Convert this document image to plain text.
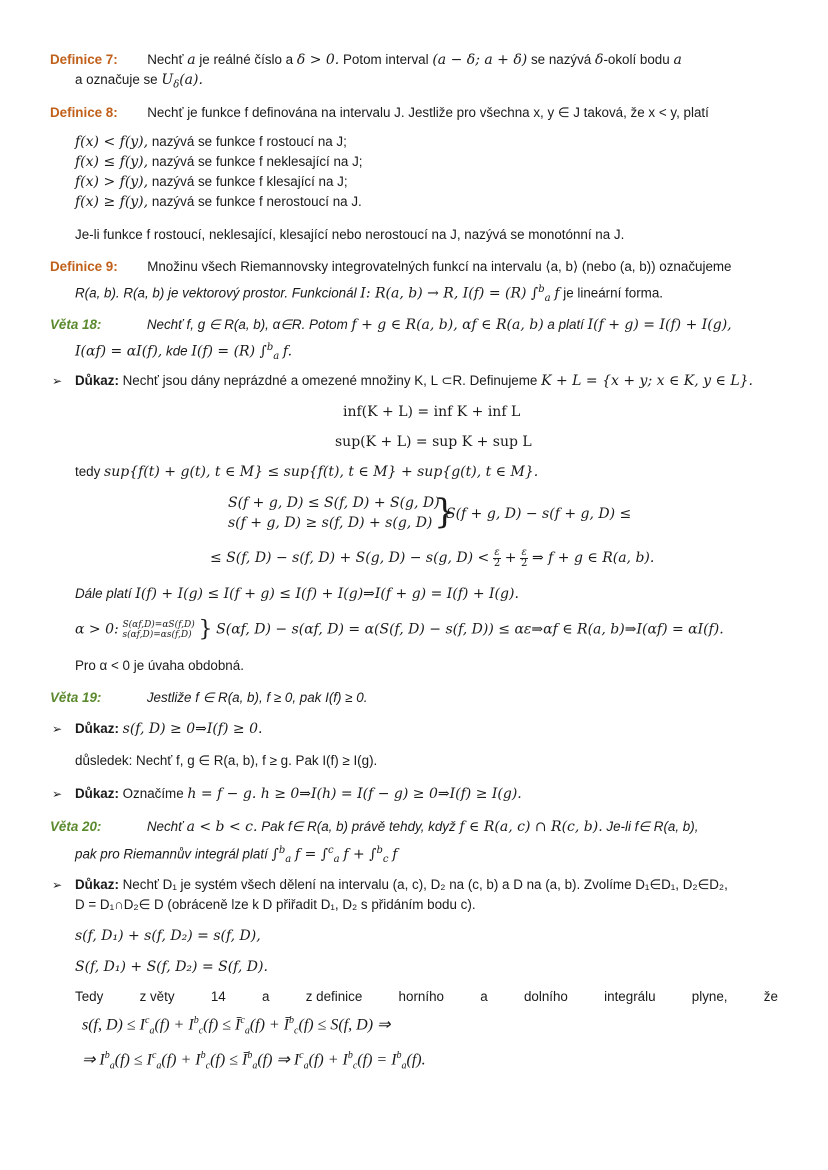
Definice 7: Nechť a je reálné číslo a δ > 0. Potom interval (a − δ; a + δ) se nazývá δ-okolí bodu a
a označuje se $U_\delta(a)$.
Definice 8: Nechť je funkce f definována na intervalu J. Jestliže pro všechna x, y ∈ J taková, že x < y, platí
f(x) < f(y), nazývá se funkce f rostoucí na J;
f(x) ≤ f(y), nazývá se funkce f neklesající na J;
f(x) > f(y), nazývá se funkce f klesající na J;
f(x) ≥ f(y), nazývá se funkce f nerostoucí na J.
Je-li funkce f rostoucí, neklesající, klesající nebo nerostoucí na J, nazývá se monotónní na J.
Definice 9: Množinu všech Riemannovsky integrovatelných funkcí na intervalu ⟨a, b⟩ (nebo (a, b)) označujeme
R(a, b). R(a, b) je vektorový prostor. Funkcionál I: R(a, b) → R, I(f) = (R) ∫$^b_a$ f je lineární forma.
Věta 18:	Nechť f, g ∈ R(a, b), α∈R. Potom f + g ∈ R(a, b), αf ∈ R(a, b) a platí I(f + g) = I(f) + I(g),
I(αf) = αI(f), kde I(f) = (R) ∫$^b_a$ f.
➢ Důkaz: Nechť jsou dány neprázdné a omezené množiny K, L ⊂R. Definujeme K + L = {x + y; x ∈ K, y ∈ L}.
inf(K + L) = inf K + inf L
sup(K + L) = sup K + sup L
tedy sup{f(t) + g(t), t ∈ M} ≤ sup{f(t), t ∈ M} + sup{g(t), t ∈ M}.
S(f + g, D) ≤ S(f, D) + S(g, D)
s(f + g, D) ≥ s(f, D) + s(g, D) }
S(f + g, D) − s(f + g, D) ≤
≤ S(f, D) − s(f, D) + S(g, D) − s(g, $D) < \frac{\varepsilon}{2} + \frac{\varepsilon}{2}$ ⇒ f + g ∈ R(a, b).
Dále platí I(f) + I(g) ≤ I(f + g) ≤ I(f) + I(g)⇒I(f + g) = I(f) + I(g).
α > 0: S(αf,D)=αS(f,D)
s(αf,D)=αs(f,D) } S(αf, D) − s(αf, D) = α(S(f, D) − s(f, D)) ≤ αε⇒αf ∈ R(a, b)⇒I(αf) = αI(f).
Pro α < 0 je úvaha obdobná.
Věta 19:	Jestliže f ∈ R(a, b), f ≥ 0, pak I(f) ≥ 0.
➢ Důkaz: s(f, D) ≥ 0⇒I(f) ≥ 0.
důsledek: Nechť f, g ∈ R(a, b), f ≥ g. Pak I(f) ≥ I(g).
➢ Důkaz: Označíme h = f − g. h ≥ 0⇒I(h) = I(f − g) ≥ 0⇒I(f) ≥ I(g).
Věta 20:	Nechť a < b < c. Pak f∈ R(a, b) právě tehdy, když f ∈ R(a, c) ∩ R(c, b). Je-li f∈ R(a, b),
pak pro Riemannův integrál platí ∫$^b_a$ f = ∫$^c_a$ f + ∫$^b_c$ f
➢ Důkaz: Nechť D₁ je systém všech dělení na intervalu (a, c), D₂ na (c, b) a D na (a, b). Zvolíme D₁∈D₁, D₂∈D₂,
D = D₁∩D₂∈ D (obráceně lze k D přiřadit D₁, D₂ s přidáním bodu c).
s(f, D₁) + s(f, D₂) = s(f, D),
S(f, D₁) + S(f, D₂) = S(f, D).
Tedy	z věty	14	a	z definice	horního	a	dolního	integrálu	plyne,	že
s(f, $D) \le I^c_a(f) + I^b_c(f)$ ≤ $Ī^c_a(f)$ + $Ī^b_c(f) \le S(f$, D) ⇒
⇒ $I^b_a(f) \le I^c_a(f) + I^b_c(f)$ ≤ $Ī^b_a(f)$ ⇒ $I^c_a(f) + I^b_c(f) = I^b_a(f)$.
